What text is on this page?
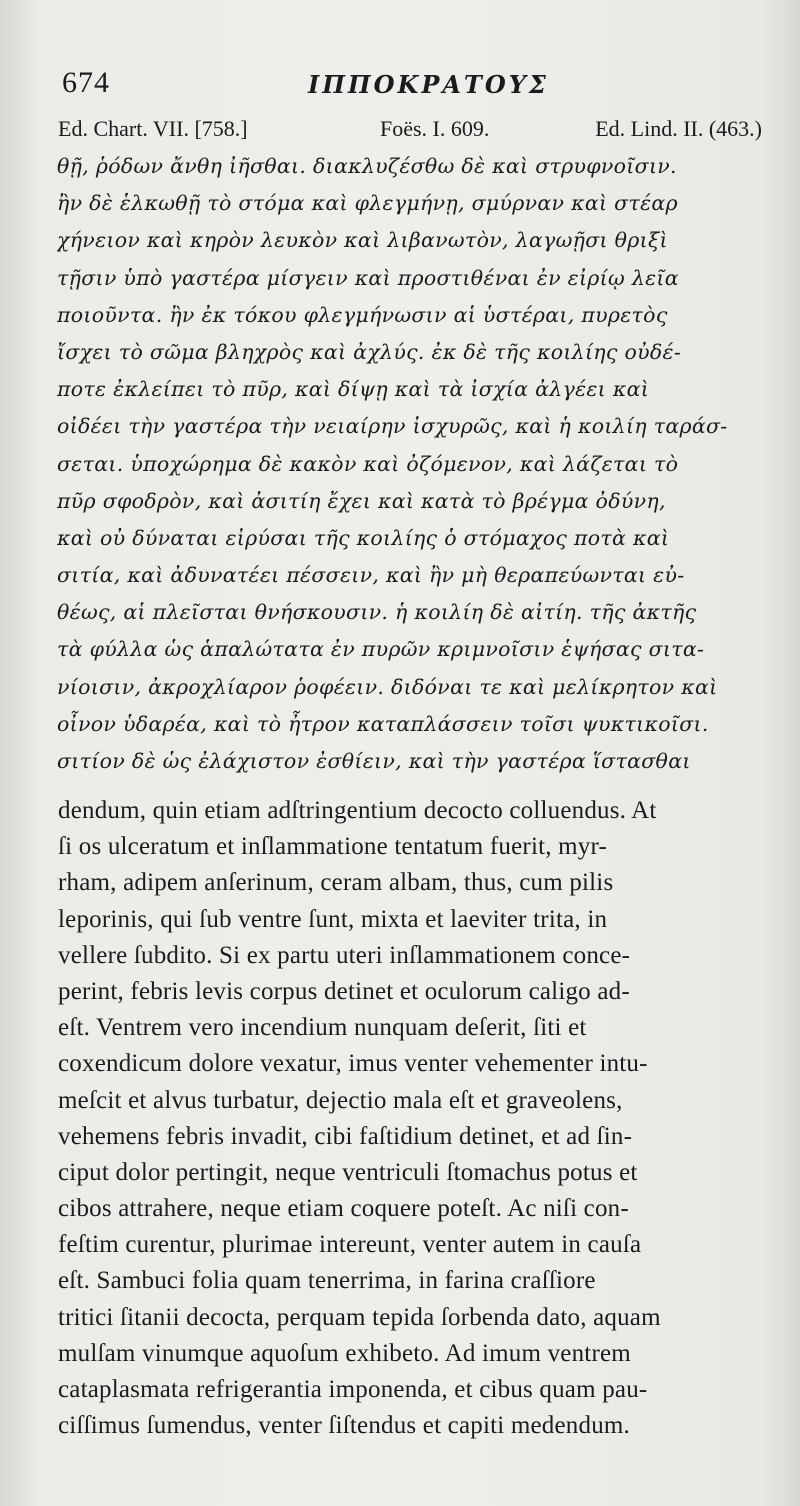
674	ΙΠΠΟΚΡΑΤΟΥΣ
Ed. Chart. VII. [758.]	Foës. I. 609.	Ed. Lind. II. (463.)
θῇ, ῥόδων ἄνθη ἰῆσθαι. διακλυζέσθω δὲ καὶ στρυφνοῖσιν.
ἢν δὲ ἑλκωθῇ τὸ στόμα καὶ φλεγμήνῃ, σμύρναν καὶ στέαρ
χήνειον καὶ κηρὸν λευκὸν καὶ λιβανωτὸν, λαγωῇσι θριξὶ
τῇσιν ὑπὸ γαστέρα μίσγειν καὶ προστιθέναι ἐν εἰρίῳ λεῖα
ποιοῦντα. ἢν ἐκ τόκου φλεγμήνωσιν αἱ ὑστέραι, πυρετὸς
ἴσχει τὸ σῶμα βληχρὸς καὶ ἀχλύς. ἐκ δὲ τῆς κοιλίης οὐδέ-
ποτε ἐκλείπει τὸ πῦρ, καὶ δίψῃ καὶ τὰ ἰσχία ἀλγέει καὶ
οἰδέει τὴν γαστέρα τὴν νειαίρην ἰσχυρῶς, καὶ ἡ κοιλίη ταράσ-
σεται. ὑποχώρημα δὲ κακὸν καὶ ὀζόμενον, καὶ λάζεται τὸ
πῦρ σφοδρὸν, καὶ ἀσιτίη ἔχει καὶ κατὰ τὸ βρέγμα ὀδύνη,
καὶ οὐ δύναται εἰρύσαι τῆς κοιλίης ὁ στόμαχος ποτὰ καὶ
σιτία, καὶ ἀδυνατέει πέσσειν, καὶ ἢν μὴ θεραπεύωνται εὐ-
θέως, αἱ πλεῖσται θνήσκουσιν. ἡ κοιλίη δὲ αἰτίη. τῆς ἀκτῆς
τὰ φύλλα ὡς ἁπαλώτατα ἐν πυρῶν κριμνοῖσιν ἑψήσας σιτα-
νίοισιν, ἀκροχλίαρον ῥοφέειν. διδόναι τε καὶ μελίκρητον καὶ
οἶνον ὑδαρέα, καὶ τὸ ἦτρον καταπλάσσειν τοῖσι ψυκτικοῖσι.
σιτίον δὲ ὡς ἐλάχιστον ἐσθίειν, καὶ τὴν γαστέρα ἵστασθαι
dendum, quin etiam adſtringentium decocto colluendus. At
ſi os ulceratum et inſlammatione tentatum fuerit, myr-
rham, adipem anſerinum, ceram albam, thus, cum pilis
leporinis, qui ſub ventre ſunt, mixta et laeviter trita, in
vellere ſubdito. Si ex partu uteri inſlammationem conce-
perint, febris levis corpus detinet et oculorum caligo ad-
eſt. Ventrem vero incendium nunquam deſerit, ſiti et
coxendicum dolore vexatur, imus venter vehementer intu-
meſcit et alvus turbatur, dejectio mala eſt et graveolens,
vehemens febris invadit, cibi faſtidium detinet, et ad ſin-
ciput dolor pertingit, neque ventriculi ſtomachus potus et
cibos attrahere, neque etiam coquere poteſt. Ac niſi con-
feſtim curentur, plurimae intereunt, venter autem in cauſa
eſt. Sambuci folia quam tenerrima, in farina craſſiore
tritici ſitanii decocta, perquam tepida ſorbenda dato, aquam
mulſam vinumque aquoſum exhibeto. Ad imum ventrem
cataplasmata refrigerantia imponenda, et cibus quam pau-
ciſſimus ſumendus, venter ſiſtendus et capiti medendum.
